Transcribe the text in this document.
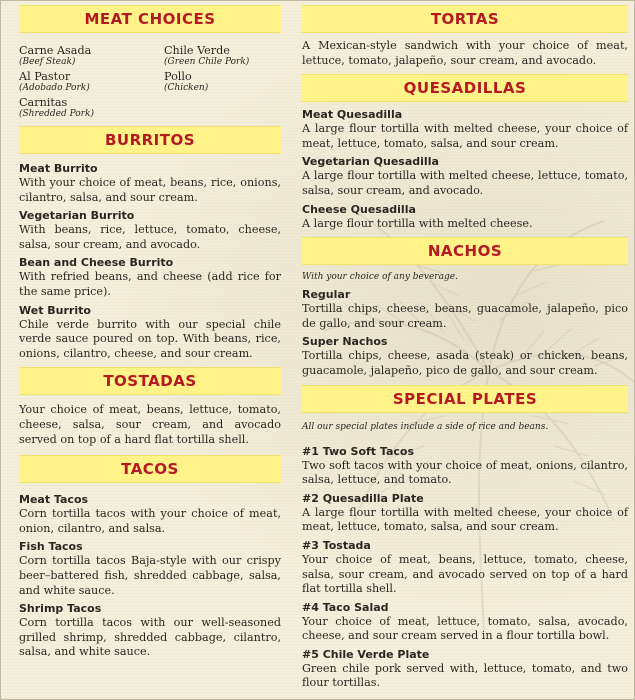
MEAT CHOICES
Carne Asada
(Beef Steak)
Chile Verde
(Green Chile Pork)
Al Pastor
(Adobado Pork)
Pollo
(Chicken)
Carnitas
(Shredded Pork)
BURRITOS
Meat Burrito

With your choice of meat, beans, rice, onions, cilantro, salsa, and sour cream.

Vegetarian Burrito

With beans, rice, lettuce, tomato, cheese, salsa, sour cream, and avocado.

Bean and Cheese Burrito

With refried beans, and cheese (add rice for the same price).

Wet Burrito

Chile verde burrito with our special chile verde sauce poured on top. With beans, rice, onions, cilantro, cheese, and sour cream.

TOSTADAS

Your choice of meat, beans, lettuce, tomato, cheese, salsa, sour cream, and avocado served on top of a hard flat tortilla shell.

TACOS
Meat Tacos

Corn tortilla tacos with your choice of meat, onion, cilantro, and salsa.

Fish Tacos

Corn tortilla tacos Baja-style with our crispy beer–battered fish, shredded cabbage, salsa, and white sauce.

Shrimp Tacos

Corn tortilla tacos with our well-seasoned grilled shrimp, shredded cabbage, cilantro, salsa, and white sauce.

TORTAS

A Mexican-style sandwich with your choice of meat, lettuce, tomato, jalapeño, sour cream, and avocado.

QUESADILLAS
Meat Quesadilla

A large flour tortilla with melted cheese, your choice of meat, lettuce, tomato, salsa, and sour cream.

Vegetarian Quesadilla

A large flour tortilla with melted cheese, lettuce, tomato, salsa, sour cream, and avocado.

Cheese Quesadilla

A large flour tortilla with melted cheese.

NACHOS

With your choice of any beverage.

Regular

Tortilla chips, cheese, beans, guacamole, jalapeño, pico de gallo, and sour cream.

Super Nachos

Tortilla chips, cheese, asada (steak) or chicken, beans, guacamole, jalapeño, pico de gallo, and sour cream.

SPECIAL PLATES

All our special plates include a side of rice and beans.

#1 Two Soft Tacos

Two soft tacos with your choice of meat, onions, cilantro, salsa, lettuce, and tomato.

#2 Quesadilla Plate

A large flour tortilla with melted cheese, your choice of meat, lettuce, tomato, salsa, and sour cream.

#3 Tostada

Your choice of meat, beans, lettuce, tomato, cheese, salsa, sour cream, and avocado served on top of a hard flat tortilla shell.

#4 Taco Salad

Your choice of meat, lettuce, tomato, salsa, avocado, cheese, and sour cream served in a flour tortilla bowl.

#5 Chile Verde Plate

Green chile pork served with, lettuce, tomato, and two flour tortillas.
